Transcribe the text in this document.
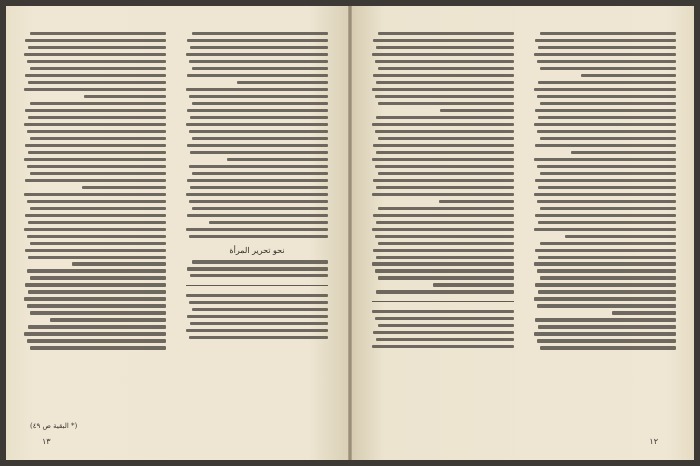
نحو تحرير المرأة
(* البقية ص ٤٩)
١٣	١٢
